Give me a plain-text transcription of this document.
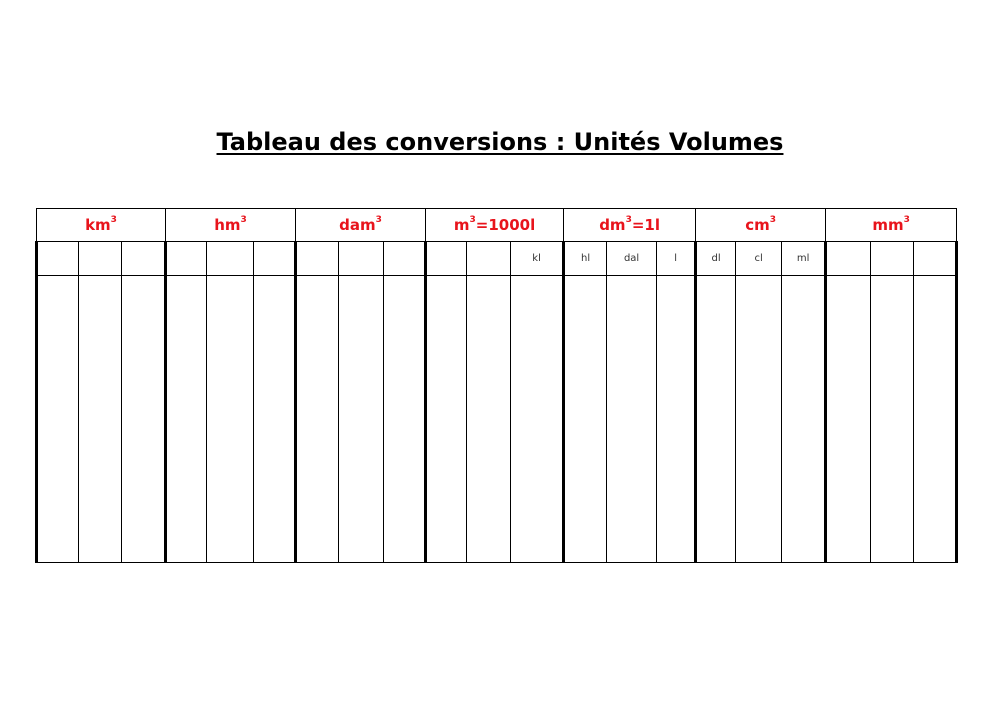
Tableau des conversions : Unités Volumes
$km^3$			$hm^3$			dam$^3$			$m^3=1000l$			$dm^3=1l$			$cm^3$			$mm^3$
											kl	hl	dal	l	dl	cl	ml			
